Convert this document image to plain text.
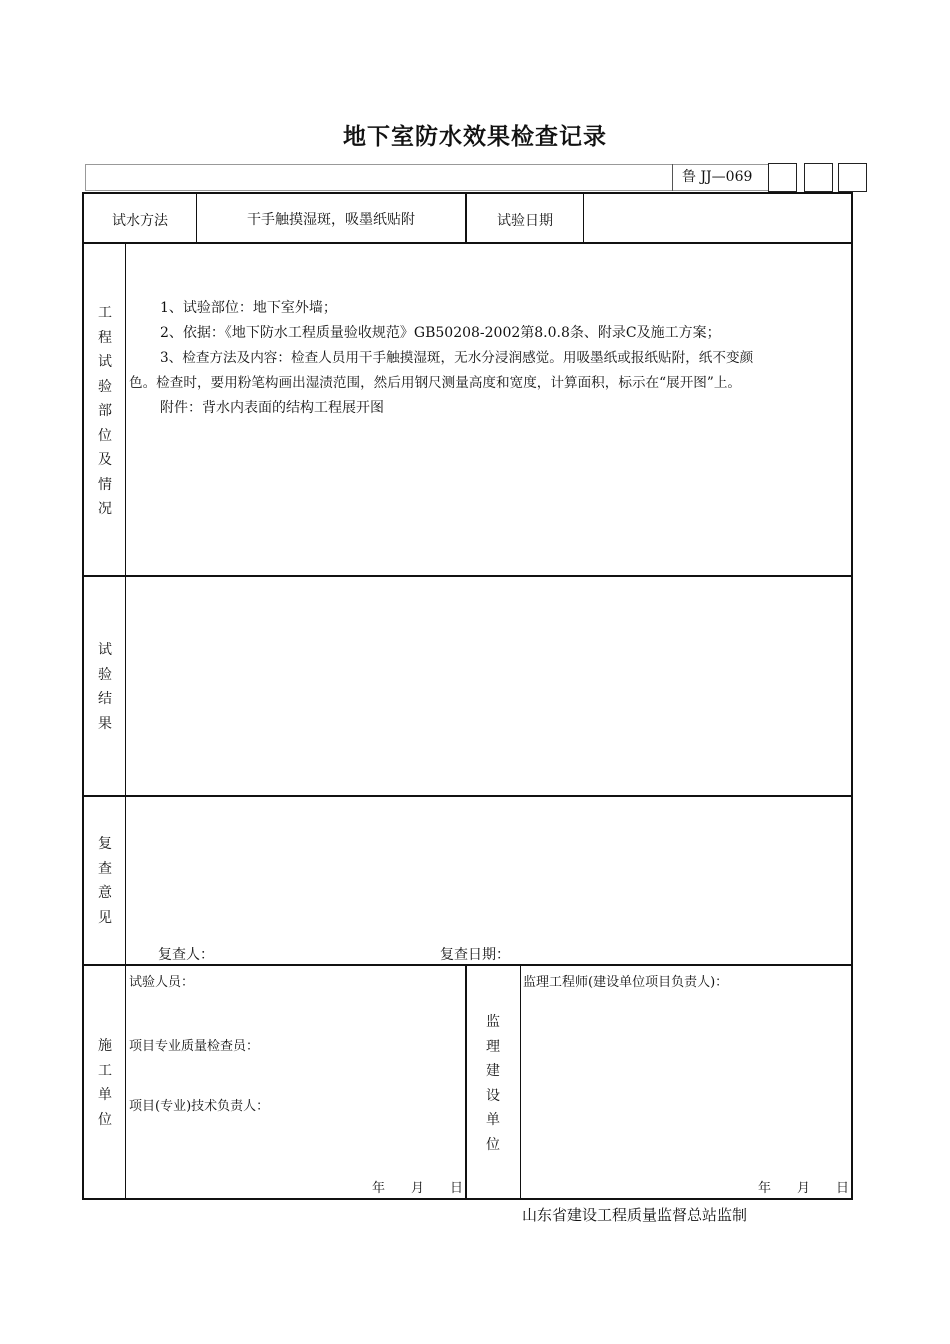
地下室防水效果检查记录
鲁 JJ—069
试水方法	干手触摸湿斑，吸墨纸贴附	试验日期
工
程
试
验
部
位
及
情
况
1、试验部位：地下室外墙；
2、依据：《地下防水工程质量验收规范》GB50208-2002第8.0.8条、附录C及施工方案；
3、检查方法及内容：检查人员用干手触摸湿斑，无水分浸润感觉。用吸墨纸或报纸贴附，纸不变颜
色。检查时，要用粉笔构画出湿渍范围，然后用钢尺测量高度和宽度，计算面积，标示在“展开图”上。
附件：背水内表面的结构工程展开图
试
验
结
果
复
查
意
见
复查人：	复查日期：
施
工
单
位
试验人员：
项目专业质量检查员：
项目(专业)技术负责人：
年　　月　　日
监
理
建
设
单
位
监理工程师(建设单位项目负责人)：
年　　月　　日
山东省建设工程质量监督总站监制
